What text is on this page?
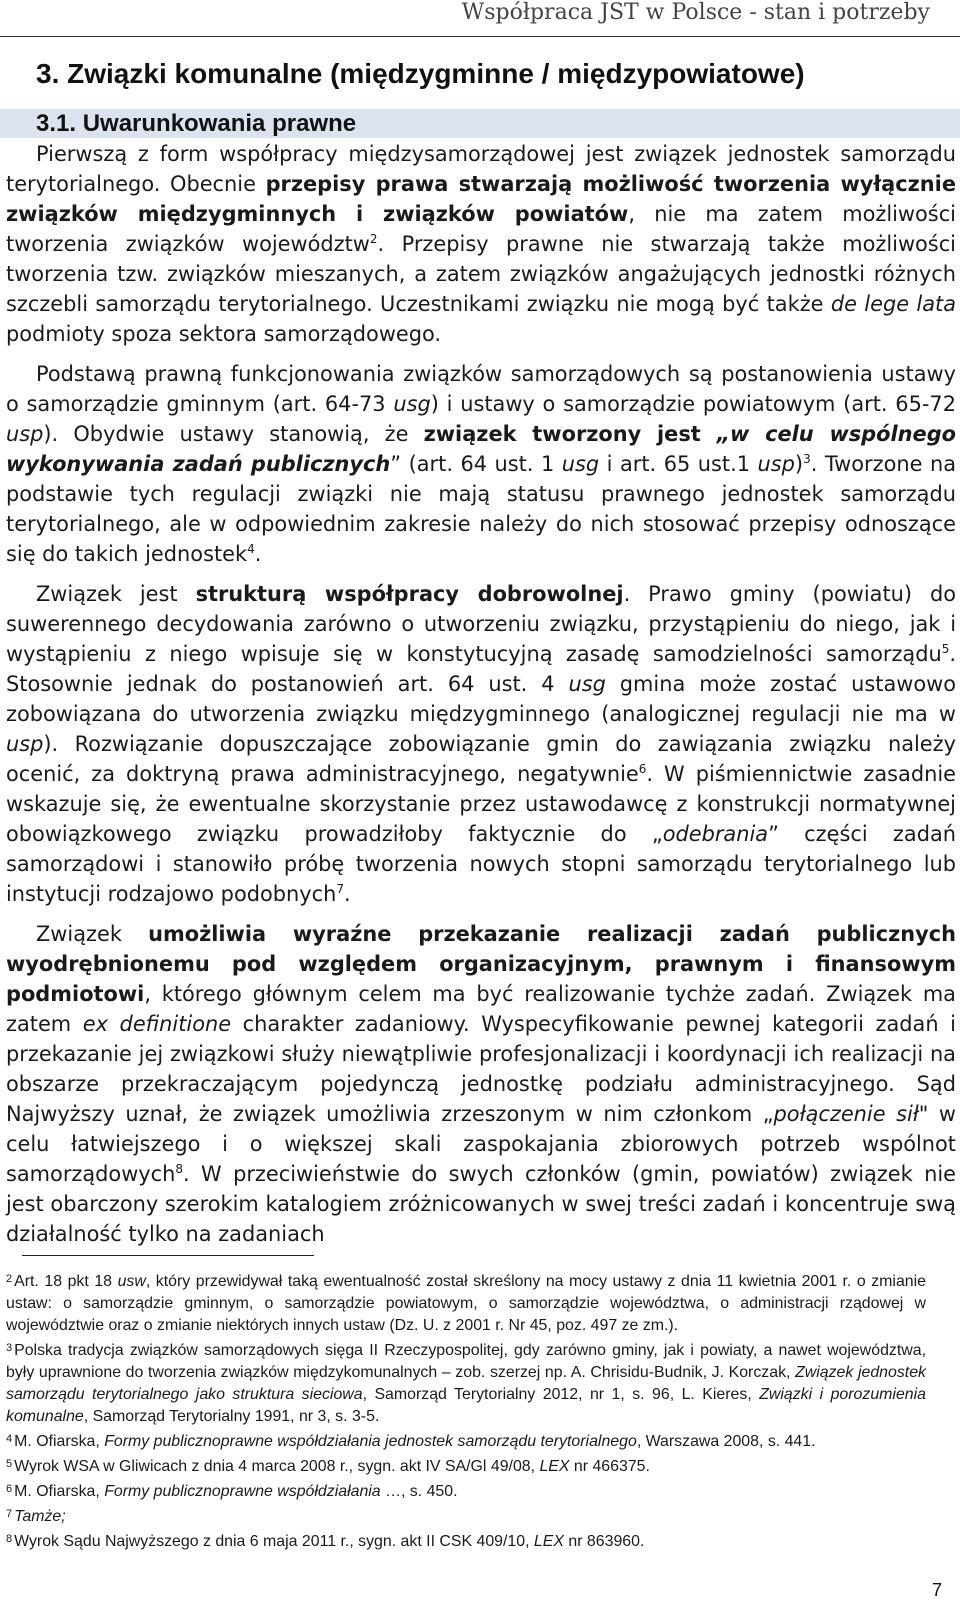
Współpraca JST w Polsce - stan i potrzeby
3. Związki komunalne (międzygminne / międzypowiatowe)
3.1. Uwarunkowania prawne

Pierwszą z form współpracy międzysamorządowej jest związek jednostek samorządu terytorialnego. Obecnie przepisy prawa stwarzają możliwość tworzenia wyłącznie związków międzygminnych i związków powiatów, nie ma zatem możliwości tworzenia związków województw$^2$. Przepisy prawne nie stwarzają także możliwości tworzenia tzw. związków mieszanych, a zatem związków angażujących jednostki różnych szczebli samorządu terytorialnego. Uczestnikami związku nie mogą być także de lege lata podmioty spoza sektora samorządowego.

Podstawą prawną funkcjonowania związków samorządowych są postanowienia ustawy o samorządzie gminnym (art. 64-73 usg) i ustawy o samorządzie powiatowym (art. 65-72 usp). Obydwie ustawy stanowią, że związek tworzony jest „w celu wspólnego wykonywania zadań publicznych” (art. 64 ust. 1 usg i art. 65 ust.1 usp)$^3$. Tworzone na podstawie tych regulacji związki nie mają statusu prawnego jednostek samorządu terytorialnego, ale w odpowiednim zakresie należy do nich stosować przepisy odnoszące się do takich jednostek$^4$.

Związek jest strukturą współpracy dobrowolnej. Prawo gminy (powiatu) do suwerennego decydowania zarówno o utworzeniu związku, przystąpieniu do niego, jak i wystąpieniu z niego wpisuje się w konstytucyjną zasadę samodzielności samorządu$^5$. Stosownie jednak do postanowień art. 64 ust. 4 usg gmina może zostać ustawowo zobowiązana do utworzenia związku międzygminnego (analogicznej regulacji nie ma w usp). Rozwiązanie dopuszczające zobowiązanie gmin do zawiązania związku należy ocenić, za doktryną prawa administracyjnego, negatywnie$^6$. W piśmiennictwie zasadnie wskazuje się, że ewentualne skorzystanie przez ustawodawcę z konstrukcji normatywnej obowiązkowego związku prowadziłoby faktycznie do „odebrania” części zadań samorządowi i stanowiło próbę tworzenia nowych stopni samorządu terytorialnego lub instytucji rodzajowo podobnych$^7$.

Związek umożliwia wyraźne przekazanie realizacji zadań publicznych wyodrębnionemu pod względem organizacyjnym, prawnym i finansowym podmiotowi, którego głównym celem ma być realizowanie tychże zadań. Związek ma zatem ex definitione charakter zadaniowy. Wyspecyfikowanie pewnej kategorii zadań i przekazanie jej związkowi służy niewątpliwie profesjonalizacji i koordynacji ich realizacji na obszarze przekraczającym pojedynczą jednostkę podziału administracyjnego. Sąd Najwyższy uznał, że związek umożliwia zrzeszonym w nim członkom „połączenie sił" w celu łatwiejszego i o większej skali zaspokajania zbiorowych potrzeb wspólnot samorządowych$^8$. W przeciwieństwie do swych członków (gmin, powiatów) związek nie jest obarczony szerokim katalogiem zróżnicowanych w swej treści zadań i koncentruje swą działalność tylko na zadaniach

$^2$ Art. 18 pkt 18 usw, który przewidywał taką ewentualność został skreślony na mocy ustawy z dnia 11 kwietnia 2001 r. o zmianie ustaw: o samorządzie gminnym, o samorządzie powiatowym, o samorządzie województwa, o administracji rządowej w województwie oraz o zmianie niektórych innych ustaw (Dz. U. z 2001 r. Nr 45, poz. 497 ze zm.).

$^3$ Polska tradycja związków samorządowych sięga II Rzeczypospolitej, gdy zarówno gminy, jak i powiaty, a nawet województwa, były uprawnione do tworzenia związków międzykomunalnych – zob. szerzej np. A. Chrisidu-Budnik, J. Korczak, Związek jednostek samorządu terytorialnego jako struktura sieciowa, Samorząd Terytorialny 2012, nr 1, s. 96, L. Kieres, Związki i porozumienia komunalne, Samorząd Terytorialny 1991, nr 3, s. 3-5.

$^4$ M. Ofiarska, Formy publicznoprawne współdziałania jednostek samorządu terytorialnego, Warszawa 2008, s. 441.

$^5$ Wyrok WSA w Gliwicach z dnia 4 marca 2008 r., sygn. akt IV SA/Gl 49/08, LEX nr 466375.

$^6$ M. Ofiarska, Formy publicznoprawne współdziałania …, s. 450.

$^7$ Tamże;

$^8$ Wyrok Sądu Najwyższego z dnia 6 maja 2011 r., sygn. akt II CSK 409/10, LEX nr 863960.

7
